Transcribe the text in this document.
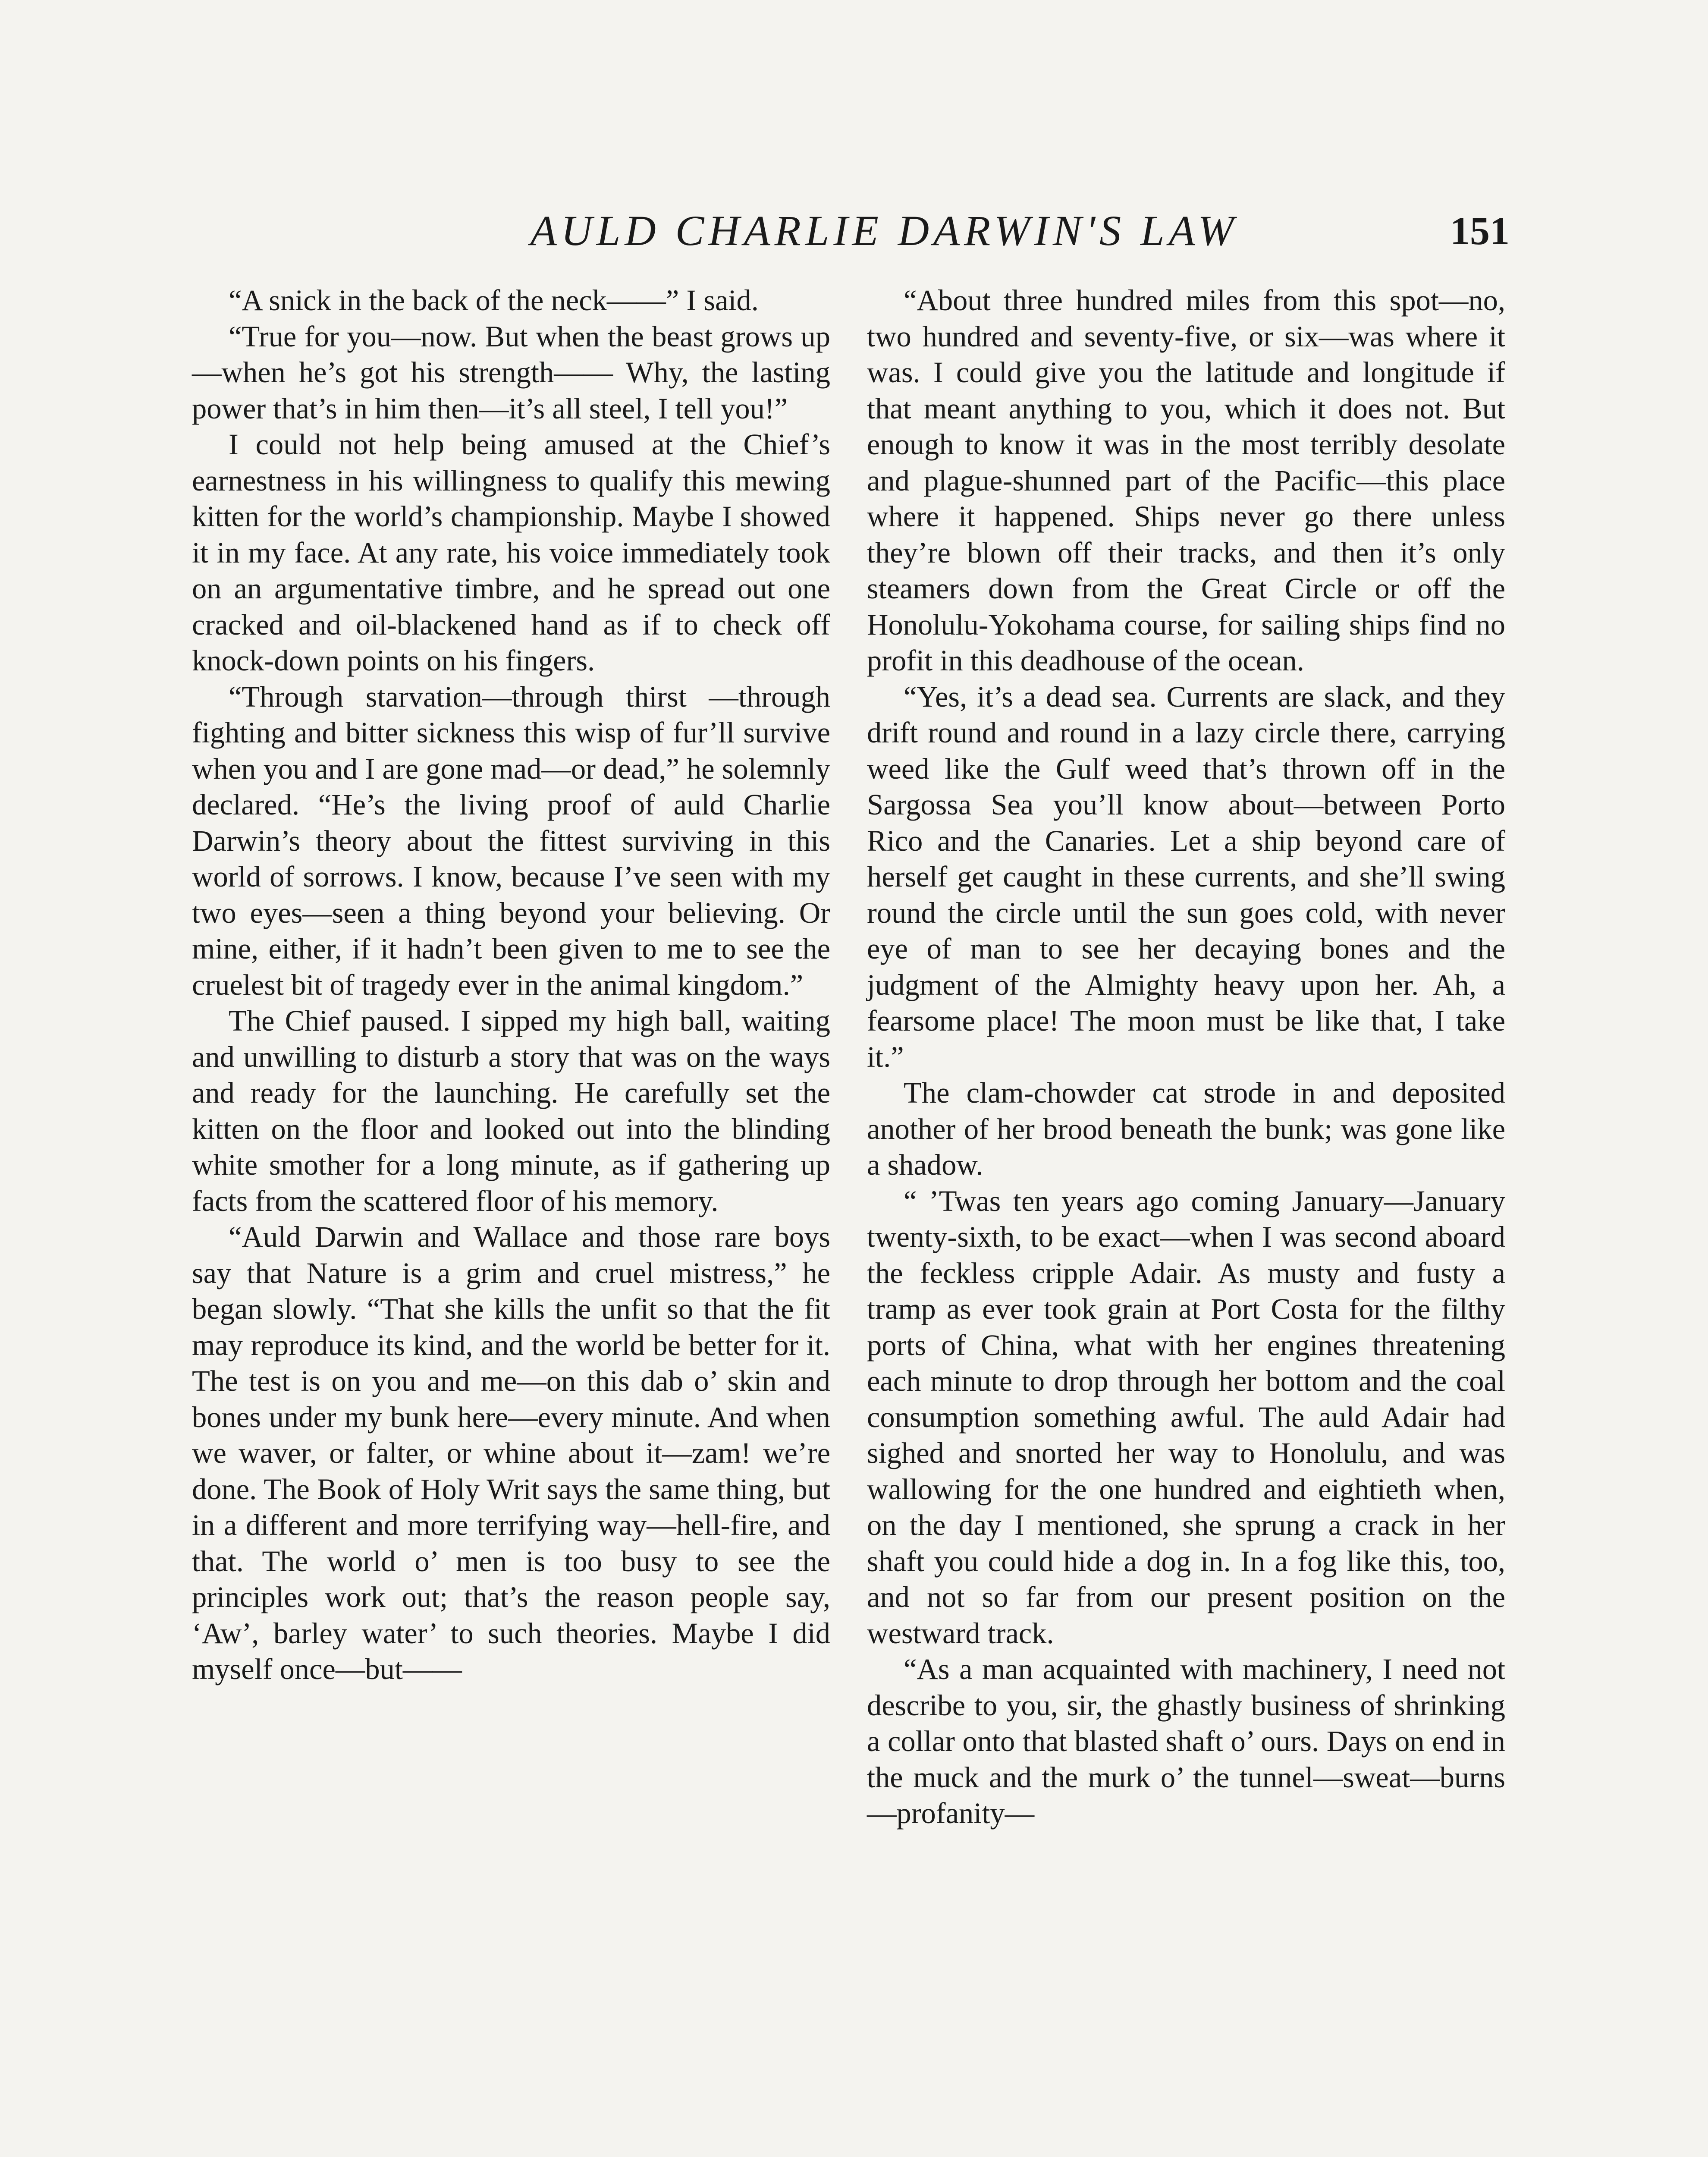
AULD CHARLIE DARWIN'S LAW	151

“A snick in the back of the neck——” I said.

“True for you—now. But when the beast grows up—when he’s got his strength—— Why, the lasting power that’s in him then—it’s all steel, I tell you!”

I could not help being amused at the Chief’s earnestness in his willingness to qualify this mewing kitten for the world’s championship. Maybe I showed it in my face. At any rate, his voice immediately took on an argumentative timbre, and he spread out one cracked and oil-blackened hand as if to check off knock-down points on his fingers.

“Through starvation—through thirst —through fighting and bitter sickness this wisp of fur’ll survive when you and I are gone mad—or dead,” he solemnly declared. “He’s the living proof of auld Charlie Darwin’s theory about the fittest surviving in this world of sorrows. I know, because I’ve seen with my two eyes—seen a thing beyond your believing. Or mine, either, if it hadn’t been given to me to see the cruelest bit of tragedy ever in the animal kingdom.”

The Chief paused. I sipped my high ball, waiting and unwilling to disturb a story that was on the ways and ready for the launching. He carefully set the kitten on the floor and looked out into the blinding white smother for a long minute, as if gathering up facts from the scattered floor of his memory.

“Auld Darwin and Wallace and those rare boys say that Nature is a grim and cruel mistress,” he began slowly. “That she kills the unfit so that the fit may reproduce its kind, and the world be better for it. The test is on you and me—on this dab o’ skin and bones under my bunk here—every minute. And when we waver, or falter, or whine about it—zam! we’re done. The Book of Holy Writ says the same thing, but in a different and more terrifying way—hell-fire, and that. The world o’ men is too busy to see the principles work out; that’s the reason people say, ‘Aw’, barley water’ to such theories. Maybe I did myself once—but——

“About three hundred miles from this spot—no, two hundred and seventy-five, or six—was where it was. I could give you the latitude and longitude if that meant anything to you, which it does not. But enough to know it was in the most terribly desolate and plague-shunned part of the Pacific—this place where it happened. Ships never go there unless they’re blown off their tracks, and then it’s only steamers down from the Great Circle or off the Honolulu-Yokohama course, for sailing ships find no profit in this deadhouse of the ocean.

“Yes, it’s a dead sea. Currents are slack, and they drift round and round in a lazy circle there, carrying weed like the Gulf weed that’s thrown off in the Sargossa Sea you’ll know about—between Porto Rico and the Canaries. Let a ship beyond care of herself get caught in these currents, and she’ll swing round the circle until the sun goes cold, with never eye of man to see her decaying bones and the judgment of the Almighty heavy upon her. Ah, a fearsome place! The moon must be like that, I take it.”

The clam-chowder cat strode in and deposited another of her brood beneath the bunk; was gone like a shadow.

“ ’Twas ten years ago coming January—January twenty-sixth, to be exact—when I was second aboard the feckless cripple Adair. As musty and fusty a tramp as ever took grain at Port Costa for the filthy ports of China, what with her engines threatening each minute to drop through her bottom and the coal consumption something awful. The auld Adair had sighed and snorted her way to Honolulu, and was wallowing for the one hundred and eightieth when, on the day I mentioned, she sprung a crack in her shaft you could hide a dog in. In a fog like this, too, and not so far from our present position on the westward track.

“As a man acquainted with machinery, I need not describe to you, sir, the ghastly business of shrinking a collar onto that blasted shaft o’ ours. Days on end in the muck and the murk o’ the tunnel—sweat—burns—profanity—
